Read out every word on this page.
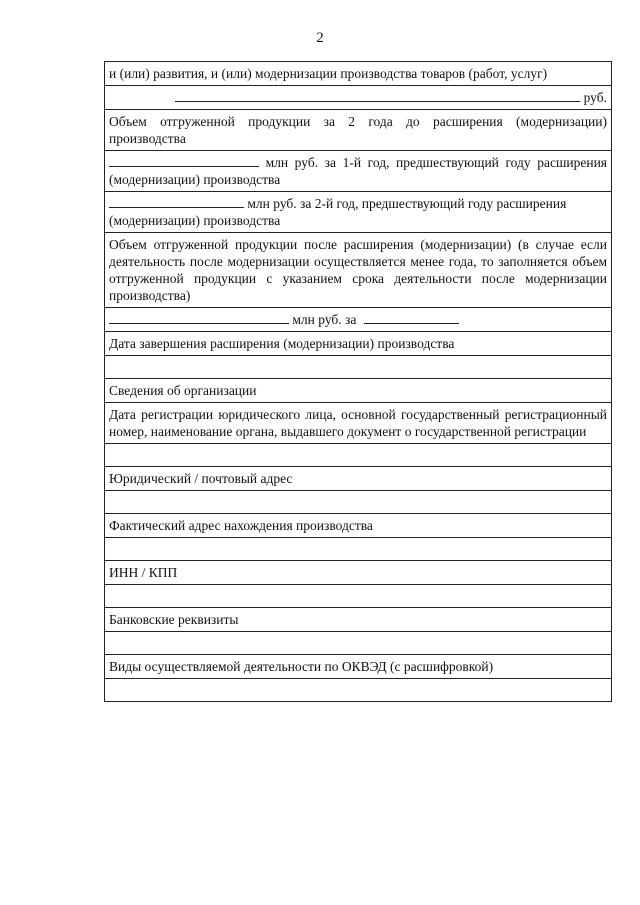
2
и (или) развития, и (или) модернизации производства товаров (работ, услуг)
руб.
Объем отгруженной продукции за 2 года до расширения (модернизации) производства
млн руб. за 1-й год, предшествующий году расширения (модернизации) производства
млн руб. за 2-й год, предшествующий году расширения (модернизации) производства
Объем отгруженной продукции после расширения (модернизации) (в случае если деятельность после модернизации осуществляется менее года, то заполняется объем отгруженной продукции с указанием срока деятельности после модернизации производства)
млн руб. за
Дата завершения расширения (модернизации) производства

Сведения об организации
Дата регистрации юридического лица, основной государственный регистрационный номер, наименование органа, выдавшего документ о государственной регистрации

Юридический / почтовый адрес

Фактический адрес нахождения производства

ИНН / КПП

Банковские реквизиты

Виды осуществляемой деятельности по ОКВЭД (с расшифровкой)
